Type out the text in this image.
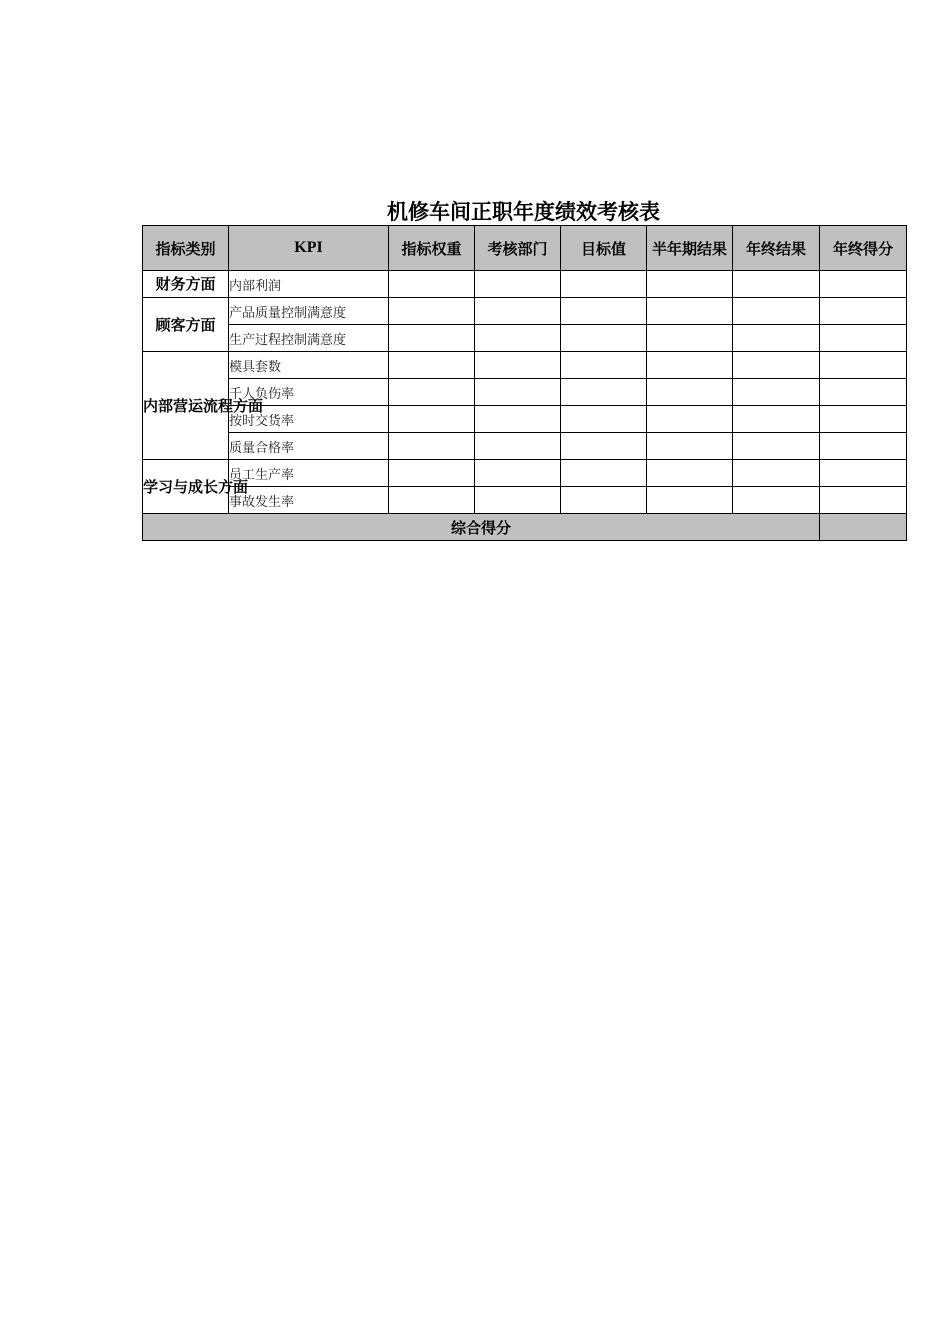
机修车间正职年度绩效考核表
指标类别	KPI	指标权重	考核部门	目标值	半年期结果	年终结果	年终得分
财务方面	内部利润						
顾客方面	产品质量控制满意度						
	生产过程控制满意度						
内部营运流程方面	模具套数						
	千人负伤率						
	按时交货率						
	质量合格率						
学习与成长方面	员工生产率						
	事故发生率						
综合得分							
